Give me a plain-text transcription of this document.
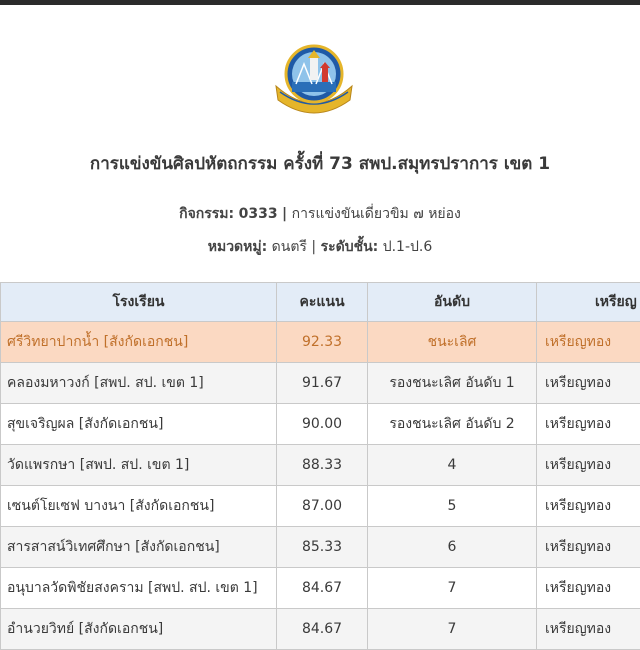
การแข่งขันศิลปหัตถกรรม ครั้งที่ 73 สพป.สมุทรปราการ เขต 1
กิจกรรม: 0333 | การแข่งขันเดี่ยวขิม ๗ หย่อง
หมวดหมู่: ดนตรี | ระดับชั้น: ป.1-ป.6
โรงเรียน	คะแนน	อันดับ	เหรียญ
ศรีวิทยาปากน้ำ [สังกัดเอกชน]	92.33	ชนะเลิศ	เหรียญทอง
คลองมหาวงก์ [สพป. สป. เขต 1]	91.67	รองชนะเลิศ อันดับ 1	เหรียญทอง
สุขเจริญผล [สังกัดเอกชน]	90.00	รองชนะเลิศ อันดับ 2	เหรียญทอง
วัดแพรกษา [สพป. สป. เขต 1]	88.33	4	เหรียญทอง
เซนต์โยเซฟ บางนา [สังกัดเอกชน]	87.00	5	เหรียญทอง
สารสาสน์วิเทศศึกษา [สังกัดเอกชน]	85.33	6	เหรียญทอง
อนุบาลวัดพิชัยสงคราม [สพป. สป. เขต 1]	84.67	7	เหรียญทอง
อำนวยวิทย์ [สังกัดเอกชน]	84.67	7	เหรียญทอง
